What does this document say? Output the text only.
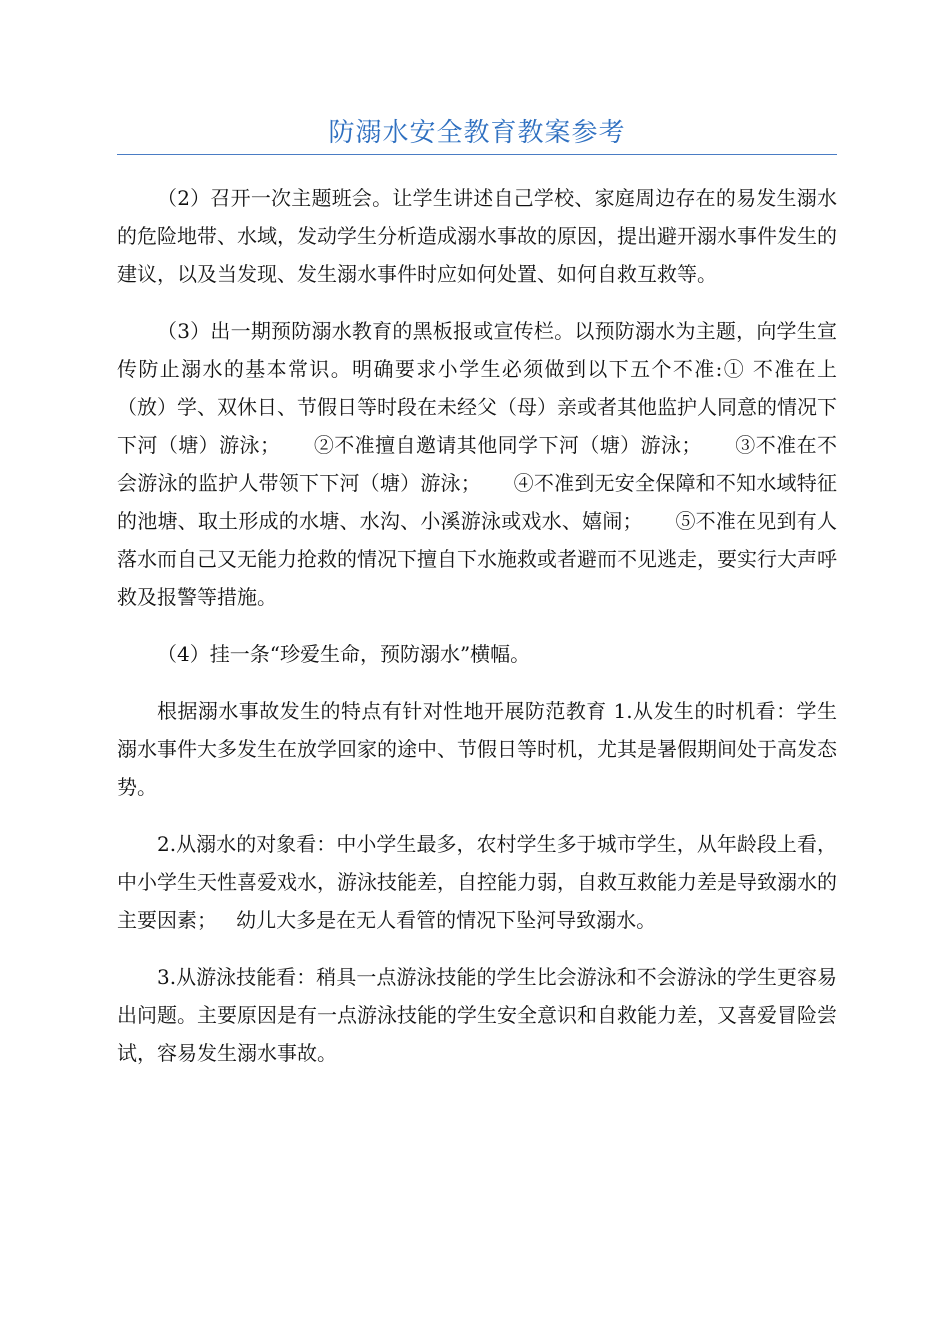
防溺水安全教育教案参考

（2）召开一次主题班会。让学生讲述自己学校、家庭周边存在的易发生溺水的危险地带、水域，发动学生分析造成溺水事故的原因，提出避开溺水事件发生的建议，以及当发现、发生溺水事件时应如何处置、如何自救互救等。

（3）出一期预防溺水教育的黑板报或宣传栏。以预防溺水为主题，向学生宣传防止溺水的基本常识。明确要求小学生必须做到以下五个不准:① 不准在上（放）学、双休日、节假日等时段在未经父（母）亲或者其他监护人同意的情况下下河（塘）游泳；     ②不准擅自邀请其他同学下河（塘）游泳；     ③不准在不会游泳的监护人带领下下河（塘）游泳；     ④不准到无安全保障和不知水域特征的池塘、取土形成的水塘、水沟、小溪游泳或戏水、嬉闹；     ⑤不准在见到有人落水而自己又无能力抢救的情况下擅自下水施救或者避而不见逃走，要实行大声呼救及报警等措施。

（4）挂一条“珍爱生命，预防溺水”横幅。

根据溺水事故发生的特点有针对性地开展防范教育 1.从发生的时机看：学生溺水事件大多发生在放学回家的途中、节假日等时机，尤其是暑假期间处于高发态势。

2.从溺水的对象看：中小学生最多，农村学生多于城市学生，从年龄段上看，中小学生天性喜爱戏水，游泳技能差，自控能力弱，自救互救能力差是导致溺水的主要因素；   幼儿大多是在无人看管的情况下坠河导致溺水。

3.从游泳技能看：稍具一点游泳技能的学生比会游泳和不会游泳的学生更容易出问题。主要原因是有一点游泳技能的学生安全意识和自救能力差，又喜爱冒险尝试，容易发生溺水事故。
